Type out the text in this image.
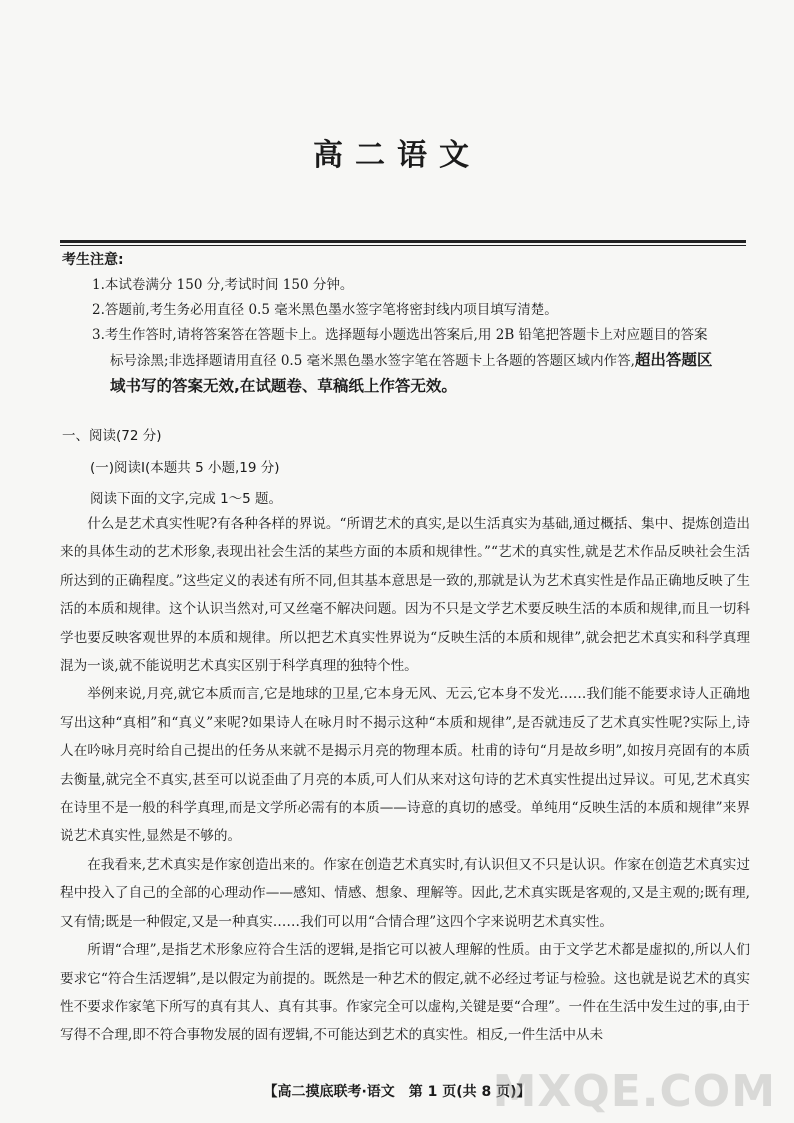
高二语文
考生注意:
1.本试卷满分 150 分,考试时间 150 分钟。
2.答题前,考生务必用直径 0.5 毫米黑色墨水签字笔将密封线内项目填写清楚。
3.考生作答时,请将答案答在答题卡上。选择题每小题选出答案后,用 2B 铅笔把答题卡上对应题目的答案
标号涂黑;非选择题请用直径 0.5 毫米黑色墨水签字笔在答题卡上各题的答题区域内作答,超出答题区
域书写的答案无效,在试题卷、草稿纸上作答无效。
一、阅读(72 分)
(一)阅读Ⅰ(本题共 5 小题,19 分)
阅读下面的文字,完成 1～5 题。

什么是艺术真实性呢?有各种各样的界说。“所谓艺术的真实,是以生活真实为基础,通过概括、集中、提炼创造出来的具体生动的艺术形象,表现出社会生活的某些方面的本质和规律性。”“艺术的真实性,就是艺术作品反映社会生活所达到的正确程度。”这些定义的表述有所不同,但其基本意思是一致的,那就是认为艺术真实性是作品正确地反映了生活的本质和规律。这个认识当然对,可又丝毫不解决问题。因为不只是文学艺术要反映生活的本质和规律,而且一切科学也要反映客观世界的本质和规律。所以把艺术真实性界说为“反映生活的本质和规律”,就会把艺术真实和科学真理混为一谈,就不能说明艺术真实区别于科学真理的独特个性。

举例来说,月亮,就它本质而言,它是地球的卫星,它本身无风、无云,它本身不发光……我们能不能要求诗人正确地写出这种“真相”和“真义”来呢?如果诗人在咏月时不揭示这种“本质和规律”,是否就违反了艺术真实性呢?实际上,诗人在吟咏月亮时给自己提出的任务从来就不是揭示月亮的物理本质。杜甫的诗句“月是故乡明”,如按月亮固有的本质去衡量,就完全不真实,甚至可以说歪曲了月亮的本质,可人们从来对这句诗的艺术真实性提出过异议。可见,艺术真实在诗里不是一般的科学真理,而是文学所必需有的本质——诗意的真切的感受。单纯用“反映生活的本质和规律”来界说艺术真实性,显然是不够的。

在我看来,艺术真实是作家创造出来的。作家在创造艺术真实时,有认识但又不只是认识。作家在创造艺术真实过程中投入了自己的全部的心理动作——感知、情感、想象、理解等。因此,艺术真实既是客观的,又是主观的;既有理,又有情;既是一种假定,又是一种真实……我们可以用“合情合理”这四个字来说明艺术真实性。

所谓“合理”,是指艺术形象应符合生活的逻辑,是指它可以被人理解的性质。由于文学艺术都是虚拟的,所以人们要求它“符合生活逻辑”,是以假定为前提的。既然是一种艺术的假定,就不必经过考证与检验。这也就是说艺术的真实性不要求作家笔下所写的真有其人、真有其事。作家完全可以虚构,关键是要“合理”。一件在生活中发生过的事,由于写得不合理,即不符合事物发展的固有逻辑,不可能达到艺术的真实性。相反,一件生活中从未

【高二摸底联考·语文　第 1 页(共 8 页)】
MXQE.COM
